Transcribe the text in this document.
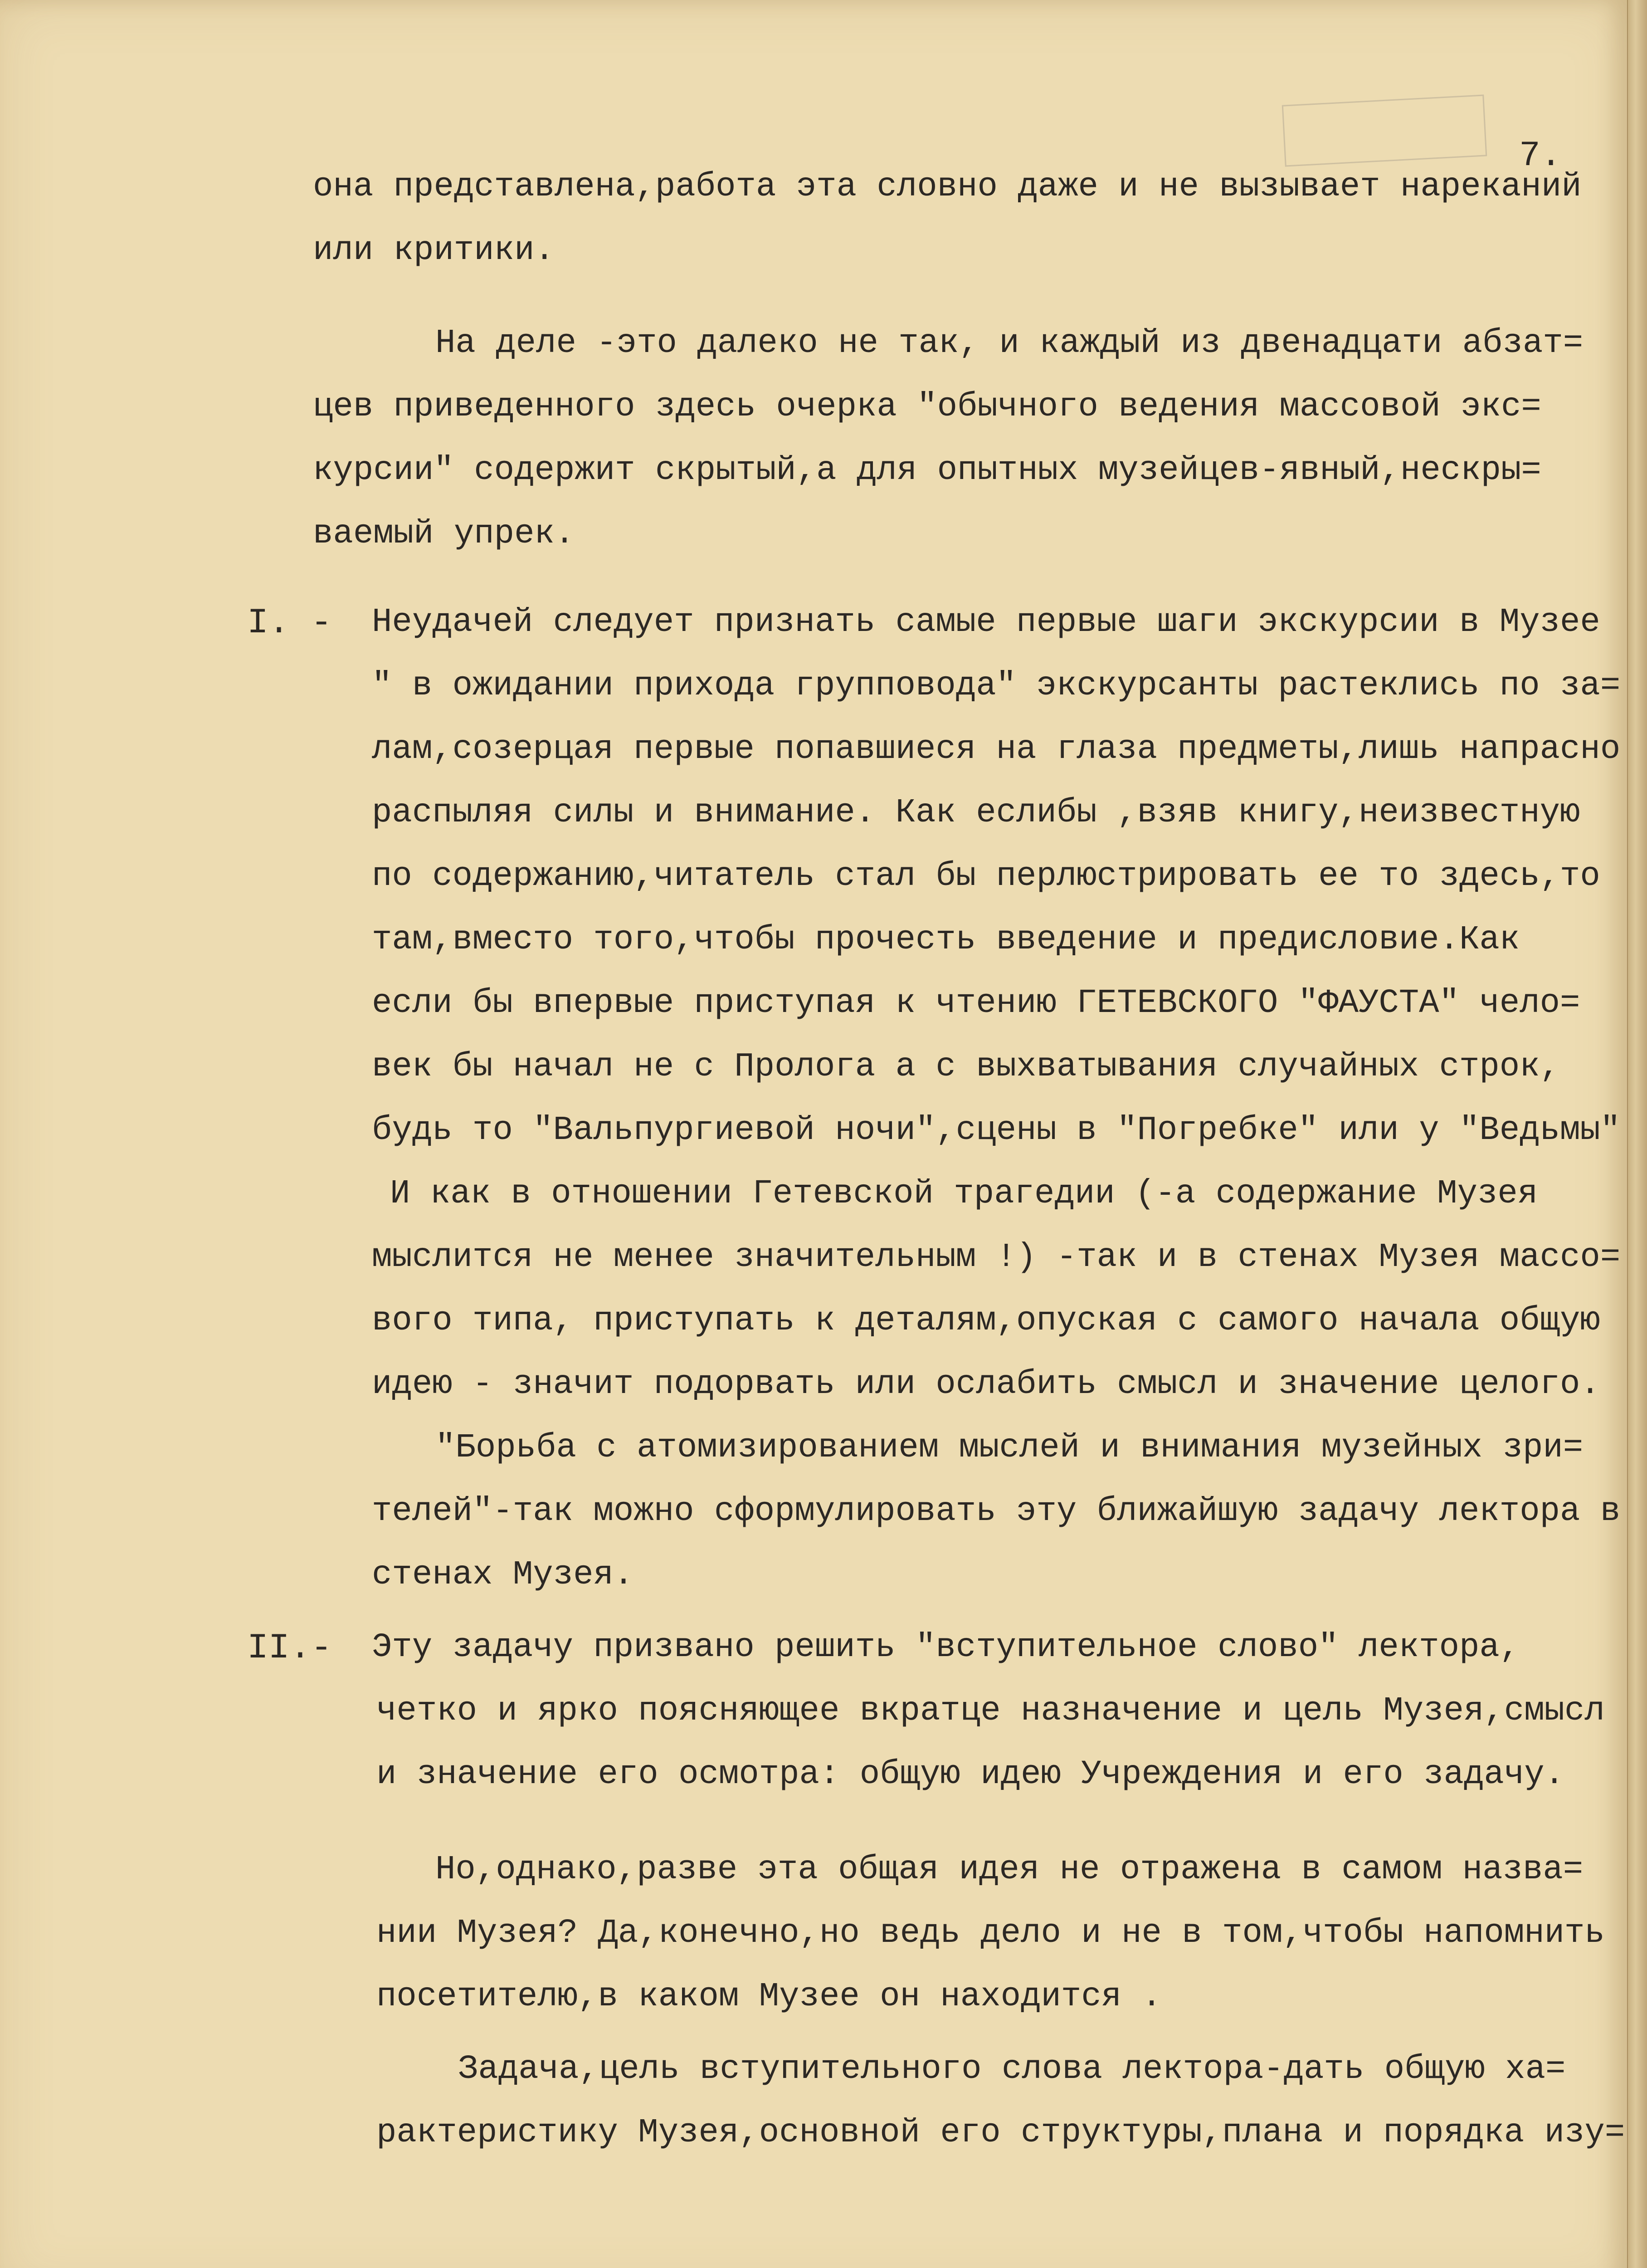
7.
I. -
II.-
она представлена,работа эта словно даже и не вызывает нареканий
или критики.
На деле -это далеко не так, и каждый из двенадцати абзат=
цев приведенного здесь очерка "обычного ведения массовой экс=
курсии" содержит скрытый,а для опытных музейцев-явный,нескры=
ваемый упрек.
Неудачей следует признать самые первые шаги экскурсии в Музее
" в ожидании прихода групповода" экскурсанты растеклись по за=
лам,созерцая первые попавшиеся на глаза предметы,лишь напрасно
распыляя силы и внимание. Как еслибы ,взяв книгу,неизвестную
по содержанию,читатель стал бы перлюстрировать ее то здесь,то
там,вместо того,чтобы прочесть введение и предисловие.Как
если бы впервые приступая к чтению ГЕТЕВСКОГО "ФАУСТА" чело=
век бы начал не с Пролога а с выхватывания случайных строк,
будь то "Вальпургиевой ночи",сцены в "Погребке" или у "Ведьмы"
И как в отношении Гетевской трагедии (-а содержание Музея
мыслится не менее значительным !) -так и в стенах Музея массо=
вого типа, приступать к деталям,опуская с самого начала общую
идею - значит подорвать или ослабить смысл и значение целого.
"Борьба с атомизированием мыслей и внимания музейных зри=
телей"-так можно сформулировать эту ближайшую задачу лектора в
стенах Музея.
Эту задачу призвано решить "вступительное слово" лектора,
четко и ярко поясняющее вкратце назначение и цель Музея,смысл
и значение его осмотра: общую идею Учреждения и его задачу.
Но,однако,разве эта общая идея не отражена в самом назва=
нии Музея? Да,конечно,но ведь дело и не в том,чтобы напомнить
посетителю,в каком Музее он находится .
Задача,цель вступительного слова лектора-дать общую ха=
рактеристику Музея,основной его структуры,плана и порядка изу=
